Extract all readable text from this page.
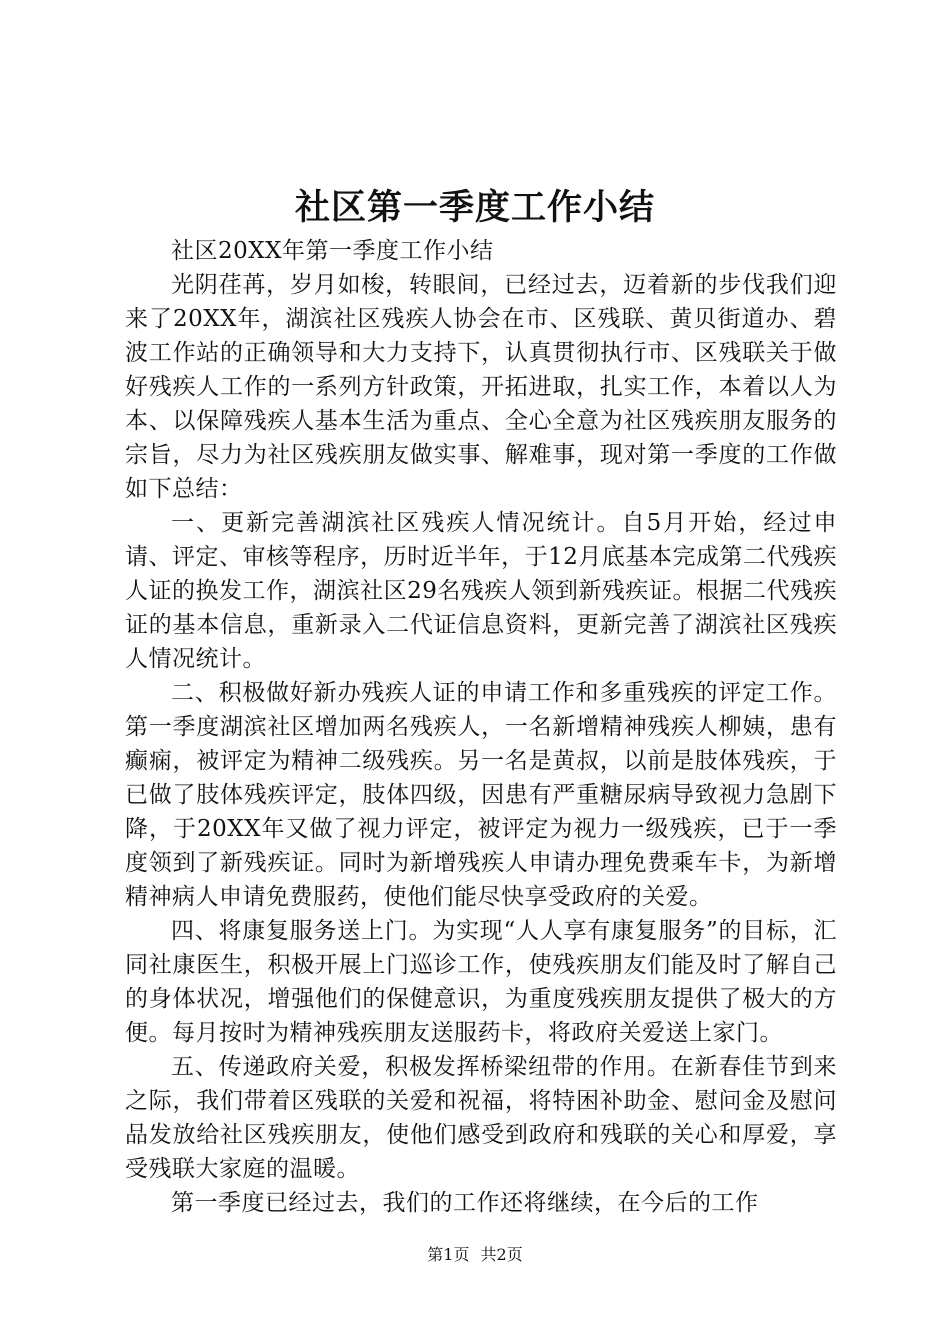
社区第一季度工作小结

社区20XX年第一季度工作小结

光阴荏苒，岁月如梭，转眼间，已经过去，迈着新的步伐我们迎来了20XX年，湖滨社区残疾人协会在市、区残联、黄贝街道办、碧波工作站的正确领导和大力支持下，认真贯彻执行市、区残联关于做好残疾人工作的一系列方针政策，开拓进取，扎实工作，本着以人为本、以保障残疾人基本生活为重点、全心全意为社区残疾朋友服务的宗旨，尽力为社区残疾朋友做实事、解难事，现对第一季度的工作做如下总结：

一、更新完善湖滨社区残疾人情况统计。自5月开始，经过申请、评定、审核等程序，历时近半年，于12月底基本完成第二代残疾人证的换发工作，湖滨社区29名残疾人领到新残疾证。根据二代残疾证的基本信息，重新录入二代证信息资料，更新完善了湖滨社区残疾人情况统计。

二、积极做好新办残疾人证的申请工作和多重残疾的评定工作。第一季度湖滨社区增加两名残疾人，一名新增精神残疾人柳姨，患有癫痫，被评定为精神二级残疾。另一名是黄叔，以前是肢体残疾，于已做了肢体残疾评定，肢体四级，因患有严重糖尿病导致视力急剧下降，于20XX年又做了视力评定，被评定为视力一级残疾，已于一季度领到了新残疾证。同时为新增残疾人申请办理免费乘车卡，为新增精神病人申请免费服药，使他们能尽快享受政府的关爱。

四、将康复服务送上门。为实现“人人享有康复服务”的目标，汇同社康医生，积极开展上门巡诊工作，使残疾朋友们能及时了解自己的身体状况，增强他们的保健意识，为重度残疾朋友提供了极大的方便。每月按时为精神残疾朋友送服药卡，将政府关爱送上家门。

五、传递政府关爱，积极发挥桥梁纽带的作用。在新春佳节到来之际，我们带着区残联的关爱和祝福，将特困补助金、慰问金及慰问品发放给社区残疾朋友，使他们感受到政府和残联的关心和厚爱，享受残联大家庭的温暖。

第一季度已经过去，我们的工作还将继续，在今后的工作

第1页 共2页
